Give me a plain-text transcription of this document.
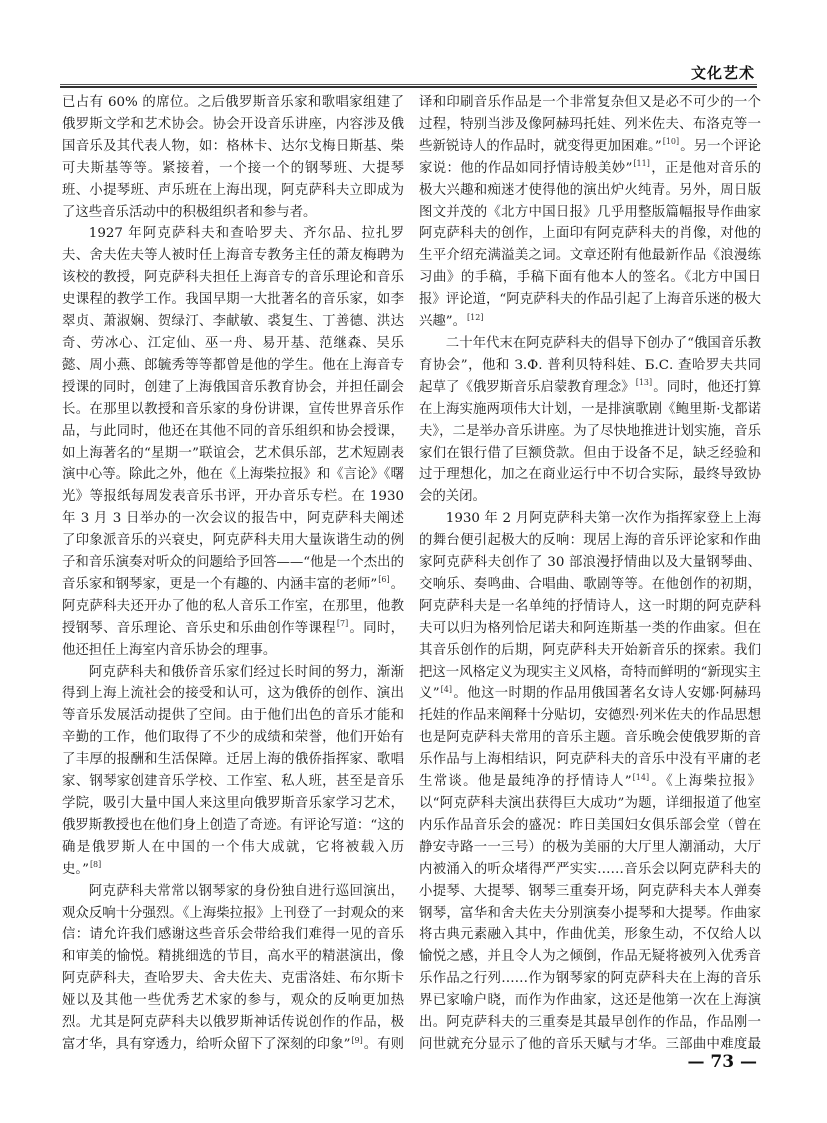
文化艺术

已占有 60% 的席位。之后俄罗斯音乐家和歌唱家组建了俄罗斯文学和艺术协会。协会开设音乐讲座，内容涉及俄国音乐及其代表人物，如：格林卡、达尔戈梅日斯基、柴可夫斯基等等。紧接着，一个接一个的钢琴班、大提琴班、小提琴班、声乐班在上海出现，阿克萨科夫立即成为了这些音乐活动中的积极组织者和参与者。

1927 年阿克萨科夫和查哈罗夫、齐尔品、拉扎罗夫、舍夫佐夫等人被时任上海音专教务主任的萧友梅聘为该校的教授，阿克萨科夫担任上海音专的音乐理论和音乐史课程的教学工作。我国早期一大批著名的音乐家，如李翠贞、萧淑娴、贺绿汀、李献敏、裘复生、丁善德、洪达奇、劳冰心、江定仙、巫一舟、易开基、范继森、吴乐懿、周小燕、郎毓秀等等都曾是他的学生。他在上海音专授课的同时，创建了上海俄国音乐教育协会，并担任副会长。在那里以教授和音乐家的身份讲课，宣传世界音乐作品，与此同时，他还在其他不同的音乐组织和协会授课，如上海著名的“星期一”联谊会，艺术俱乐部，艺术短剧表演中心等。除此之外，他在《上海柴拉报》和《言论》《曙光》等报纸每周发表音乐书评，开办音乐专栏。在 1930 年 3 月 3 日举办的一次会议的报告中，阿克萨科夫阐述了印象派音乐的兴衰史，阿克萨科夫用大量诙谐生动的例子和音乐演奏对听众的问题给予回答——“他是一个杰出的音乐家和钢琴家，更是一个有趣的、内涵丰富的老师”[6]。阿克萨科夫还开办了他的私人音乐工作室，在那里，他教授钢琴、音乐理论、音乐史和乐曲创作等课程[7]。同时，他还担任上海室内音乐协会的理事。

阿克萨科夫和俄侨音乐家们经过长时间的努力，渐渐得到上海上流社会的接受和认可，这为俄侨的创作、演出等音乐发展活动提供了空间。由于他们出色的音乐才能和辛勤的工作，他们取得了不少的成绩和荣誉，他们开始有了丰厚的报酬和生活保障。迁居上海的俄侨指挥家、歌唱家、钢琴家创建音乐学校、工作室、私人班，甚至是音乐学院，吸引大量中国人来这里向俄罗斯音乐家学习艺术，俄罗斯教授也在他们身上创造了奇迹。有评论写道：“这的确是俄罗斯人在中国的一个伟大成就，它将被载入历史。”[8]

阿克萨科夫常常以钢琴家的身份独自进行巡回演出，观众反响十分强烈。《上海柴拉报》上刊登了一封观众的来信：请允许我们感谢这些音乐会带给我们难得一见的音乐和审美的愉悦。精挑细选的节目，高水平的精湛演出，像阿克萨科夫，查哈罗夫、舍夫佐夫、克雷洛娃、布尔斯卡娅以及其他一些优秀艺术家的参与，观众的反响更加热烈。尤其是阿克萨科夫以俄罗斯神话传说创作的作品，极富才华，具有穿透力，给听众留下了深刻的印象”[9]。有则

译和印刷音乐作品是一个非常复杂但又是必不可少的一个过程，特别当涉及像阿赫玛托娃、列米佐夫、布洛克等一些新锐诗人的作品时，就变得更加困难。”[10]。另一个评论家说：他的作品如同抒情诗般美妙”[11]，正是他对音乐的极大兴趣和痴迷才使得他的演出炉火纯青。另外，周日版图文并茂的《北方中国日报》几乎用整版篇幅报导作曲家阿克萨科夫的创作，上面印有阿克萨科夫的肖像，对他的生平介绍充满溢美之词。文章还附有他最新作品《浪漫练习曲》的手稿，手稿下面有他本人的签名。《北方中国日报》评论道，“阿克萨科夫的作品引起了上海音乐迷的极大兴趣”。[12]

二十年代末在阿克萨科夫的倡导下创办了“俄国音乐教育协会”，他和 З.Ф. 普利贝特科娃、Б.С. 查哈罗夫共同起草了《俄罗斯音乐启蒙教育理念》[13]。同时，他还打算在上海实施两项伟大计划，一是排演歌剧《鲍里斯·戈都诺夫》，二是举办音乐讲座。为了尽快地推进计划实施，音乐家们在银行借了巨额贷款。但由于设备不足，缺乏经验和过于理想化，加之在商业运行中不切合实际，最终导致协会的关闭。

1930 年 2 月阿克萨科夫第一次作为指挥家登上上海的舞台便引起极大的反响：现居上海的音乐评论家和作曲家阿克萨科夫创作了 30 部浪漫抒情曲以及大量钢琴曲、交响乐、奏鸣曲、合唱曲、歌剧等等。在他创作的初期，阿克萨科夫是一名单纯的抒情诗人，这一时期的阿克萨科夫可以归为格列恰尼诺夫和阿连斯基一类的作曲家。但在其音乐创作的后期，阿克萨科夫开始新音乐的探索。我们把这一风格定义为现实主义风格，奇特而鲜明的“新现实主义”[4]。他这一时期的作品用俄国著名女诗人安娜·阿赫玛托娃的作品来阐释十分贴切，安德烈·列米佐夫的作品思想也是阿克萨科夫常用的音乐主题。音乐晚会使俄罗斯的音乐作品与上海相结识，阿克萨科夫的音乐中没有平庸的老生常谈。他是最纯净的抒情诗人”[14]。《上海柴拉报》以“阿克萨科夫演出获得巨大成功”为题，详细报道了他室内乐作品音乐会的盛况：昨日美国妇女俱乐部会堂（曾在静安寺路一一三号）的极为美丽的大厅里人潮涌动，大厅内被涌入的听众堵得严严实实……音乐会以阿克萨科夫的小提琴、大提琴、钢琴三重奏开场，阿克萨科夫本人弹奏钢琴，富华和舍夫佐夫分别演奏小提琴和大提琴。作曲家将古典元素融入其中，作曲优美，形象生动，不仅给人以愉悦之感，并且令人为之倾倒，作品无疑将被列入优秀音乐作品之行列……作为钢琴家的阿克萨科夫在上海的音乐界已家喻户晓，而作为作曲家，这还是他第一次在上海演出。阿克萨科夫的三重奏是其最早创作的作品，作品刚一问世就充分显示了他的音乐天赋与才华。三部曲中难度最

— 73 —
